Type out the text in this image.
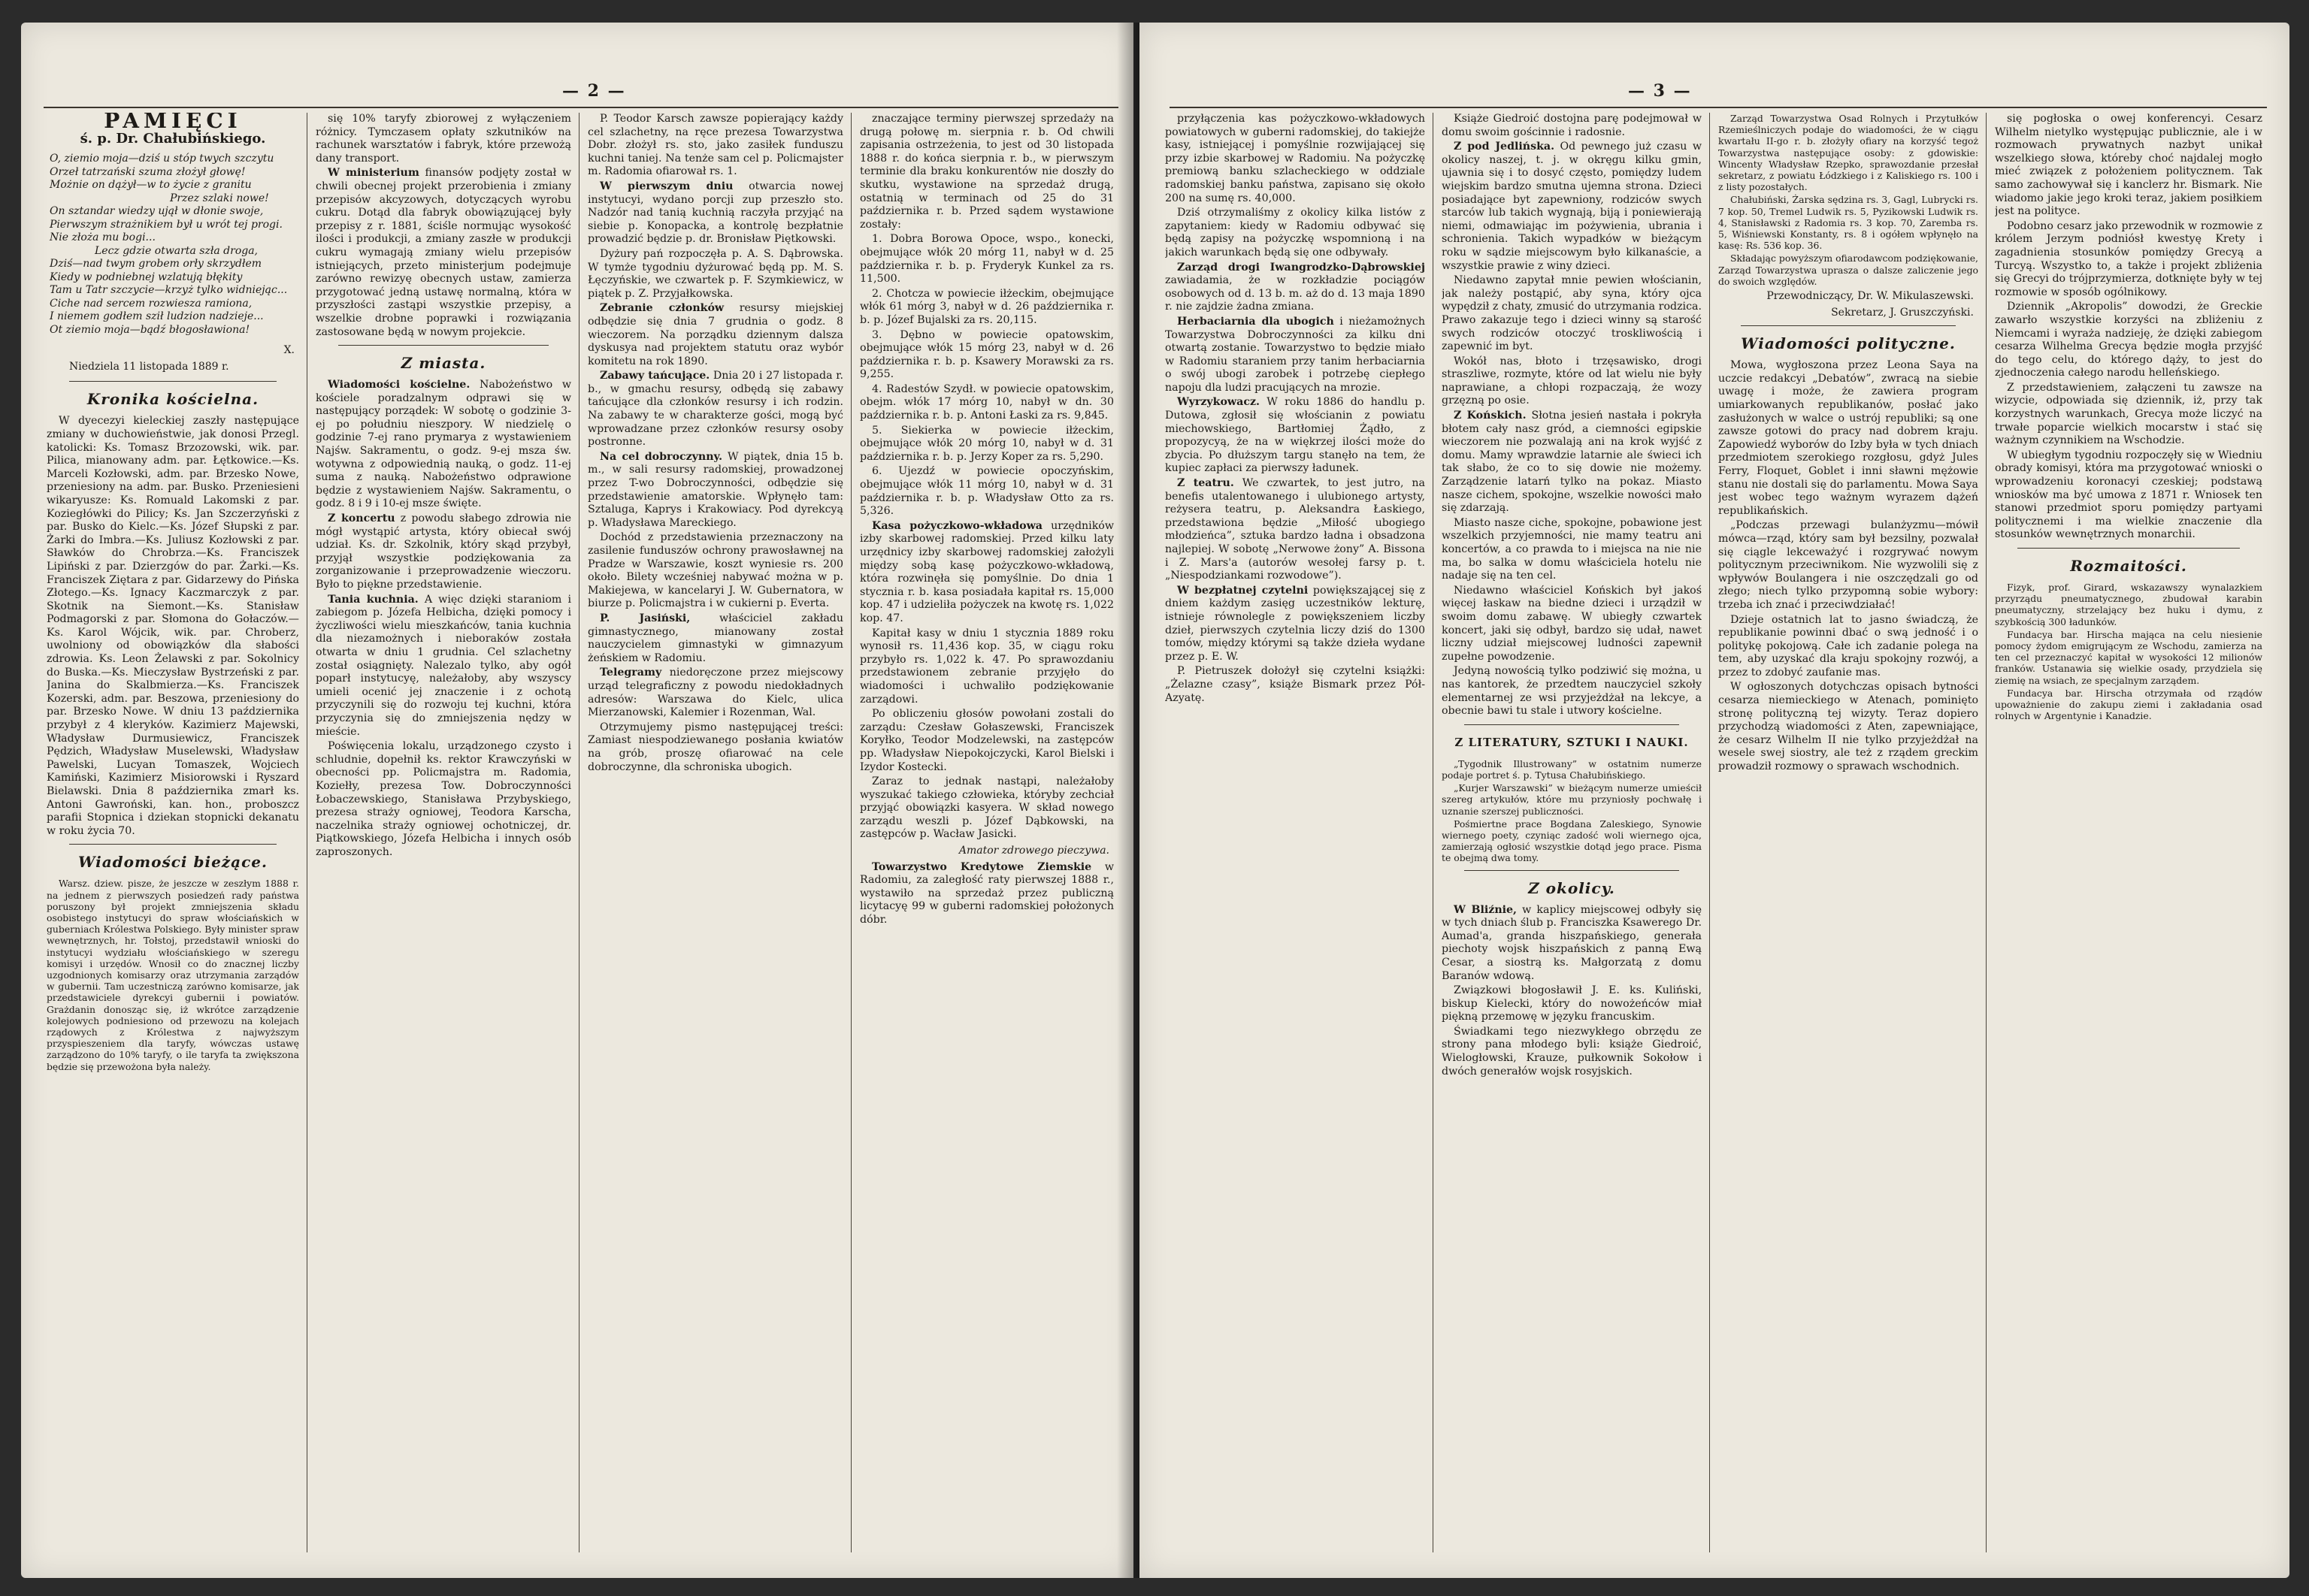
— 2 —
PAMIĘCI
ś. p. Dr. Chałubińskiego.
O, ziemio moja—dziś u stóp twych szczytu
Orzeł tatrzański szuma złożył głowę!
Możnie on dążył—w to życie z granitu
Przez szlaki nowe!
On sztandar wiedzy ujął w dłonie swoje,
Pierwszym strażnikiem był u wrót tej progi.
Nie złoża mu bogi...
Lecz gdzie otwarta szła droga,
Dziś—nad twym grobem orły skrzydłem
Kiedy w podniebnej wzlatują błękity
Tam u Tatr szczycie—krzyż tylko widniejąc...
Ciche nad sercem rozwiesza ramiona,
I niemem godłem sził ludzion nadzieje...
Ot ziemio moja—bądź błogosławiona!
X.
Niedziela 11 listopada 1889 r.
Kronika kościelna.

W dyecezyi kieleckiej zaszły następujące zmiany w duchowieństwie, jak donosi Przegl. katolicki: Ks. Tomasz Brzozowski, wik. par. Pilica, mianowany adm. par. Łętkowice.—Ks. Marceli Kozłowski, adm. par. Brzesko Nowe, przeniesiony na adm. par. Busko. Przeniesieni wikaryusze: Ks. Romuald Lakomski z par. Koziegłówki do Pilicy; Ks. Jan Szczerzyński z par. Busko do Kielc.—Ks. Józef Słupski z par. Żarki do Imbra.—Ks. Juliusz Kozłowski z par. Sławków do Chrobrza.—Ks. Franciszek Lipiński z par. Dzierzgów do par. Żarki.—Ks. Franciszek Ziętara z par. Gidarzewy do Pińska Złotego.—Ks. Ignacy Kaczmarczyk z par. Skotnik na Siemont.—Ks. Stanisław Podmagorski z par. Słomona do Gołaczów.—Ks. Karol Wójcik, wik. par. Chroberz, uwolniony od obowiązków dla słabości zdrowia. Ks. Leon Żelawski z par. Sokolnicy do Buska.—Ks. Mieczysław Bystrzeński z par. Janina do Skalbmierza.—Ks. Franciszek Kozerski, adm. par. Beszowa, przeniesiony do par. Brzesko Nowe. W dniu 13 października przybył z 4 kleryków. Kazimierz Majewski, Władysław Durmusiewicz, Franciszek Pędzich, Władysław Muselewski, Władysław Pawelski, Lucyan Tomaszek, Wojciech Kamiński, Kazimierz Misiorowski i Ryszard Bielawski. Dnia 8 października zmarł ks. Antoni Gawroński, kan. hon., proboszcz parafii Stopnica i dziekan stopnicki dekanatu w roku życia 70.

Wiadomości bieżące.

Warsz. dziew. pisze, że jeszcze w zeszłym 1888 r. na jednem z pierwszych posiedzeń rady państwa poruszony był projekt zmniejszenia składu osobistego instytucyi do spraw włościańskich w guberniach Królestwa Polskiego. Były minister spraw wewnętrznych, hr. Tołstoj, przedstawił wnioski do instytucyi wydziału włościańskiego w szeregu komisyi i urzędów. Wnosił co do znacznej liczby uzgodnionych komisarzy oraz utrzymania zarządów w gubernii. Tam uczestniczą zarówno komisarze, jak przedstawiciele dyrekcyi gubernii i powiatów. Grażdanin donosząc się, iż wkrótce zarządzenie kolejowych podniesiono od przewozu na kolejach rządowych z Królestwa z najwyższym przyspieszeniem dla taryfy, wówczas ustawę zarządzono do 10% taryfy, o ile taryfa ta zwiększona będzie się przewożona była należy.

się 10% taryfy zbiorowej z wyłączeniem różnicy. Tymczasem opłaty szkutników na rachunek warsztatów i fabryk, które przewożą dany transport.

W ministerium finansów podjęty został w chwili obecnej projekt przerobienia i zmiany przepisów akcyzowych, dotyczących wyrobu cukru. Dotąd dla fabryk obowiązującej były przepisy z r. 1881, ściśle normując wysokość ilości i produkcji, a zmiany zaszłe w produkcji cukru wymagają zmiany wielu przepisów istniejących, przeto ministerjum podejmuje zarówno rewizyę obecnych ustaw, zamierza przygotować jedną ustawę normalną, która w przyszłości zastąpi wszystkie przepisy, a wszelkie drobne poprawki i rozwiązania zastosowane będą w nowym projekcie.

Z miasta.

Wiadomości kościelne. Nabożeństwo w kościele poradzalnym odprawi się w następujący porządek: W sobotę o godzinie 3-ej po południu nieszpory. W niedzielę o godzinie 7-ej rano prymarya z wystawieniem Najśw. Sakramentu, o godz. 9-ej msza św. wotywna z odpowiednią nauką, o godz. 11-ej suma z nauką. Nabożeństwo odprawione będzie z wystawieniem Najśw. Sakramentu, o godz. 8 i 9 i 10-ej msze święte.

Z koncertu z powodu słabego zdrowia nie mógł wystąpić artysta, który obiecał swój udział. Ks. dr. Szkolnik, który skąd przybył, przyjął wszystkie podziękowania za zorganizowanie i przeprowadzenie wieczoru. Było to piękne przedstawienie.

Tania kuchnia. A więc dzięki staraniom i zabiegom p. Józefa Helbicha, dzięki pomocy i życzliwości wielu mieszkańców, tania kuchnia dla niezamożnych i nieboraków została otwarta w dniu 1 grudnia. Cel szlachetny został osiągnięty. Nalezalo tylko, aby ogół poparł instytucyę, należałoby, aby wszyscy umieli ocenić jej znaczenie i z ochotą przyczynili się do rozwoju tej kuchni, która przyczynia się do zmniejszenia nędzy w mieście.

Poświęcenia lokalu, urządzonego czysto i schludnie, dopełnił ks. rektor Krawczyński w obecności pp. Policmajstra m. Radomia, Koziełły, prezesa Tow. Dobroczynności Łobaczewskiego, Stanisława Przybyskiego, prezesa straży ogniowej, Teodora Karscha, naczelnika straży ogniowej ochotniczej, dr. Piątkowskiego, Józefa Helbicha i innych osób zaproszonych.

P. Teodor Karsch zawsze popierający każdy cel szlachetny, na ręce prezesa Towarzystwa Dobr. złożył rs. sto, jako zasiłek funduszu kuchni taniej. Na tenże sam cel p. Policmajster m. Radomia ofiarował rs. 1.

W pierwszym dniu otwarcia nowej instytucyi, wydano porcji zup przeszło sto. Nadzór nad tanią kuchnią raczyła przyjąć na siebie p. Konopacka, a kontrolę bezpłatnie prowadzić będzie p. dr. Bronisław Piętkowski.

Dyżury pań rozpoczęła p. A. S. Dąbrowska. W tymże tygodniu dyżurować będą pp. M. S. Łęczyńskie, we czwartek p. F. Szymkiewicz, w piątek p. Z. Przyjałkowska.

Zebranie członków resursy miejskiej odbędzie się dnia 7 grudnia o godz. 8 wieczorem. Na porządku dziennym dalsza dyskusya nad projektem statutu oraz wybór komitetu na rok 1890.

Zabawy tańcujące. Dnia 20 i 27 listopada r. b., w gmachu resursy, odbędą się zabawy tańcujące dla członków resursy i ich rodzin. Na zabawy te w charakterze gości, mogą być wprowadzane przez członków resursy osoby postronne.

Na cel dobroczynny. W piątek, dnia 15 b. m., w sali resursy radomskiej, prowadzonej przez T-wo Dobroczynności, odbędzie się przedstawienie amatorskie. Wpłynęło tam: Sztaluga, Kaprys i Krakowiacy. Pod dyrekcyą p. Władysława Mareckiego.

Dochód z przedstawienia przeznaczony na zasilenie funduszów ochrony prawosławnej na Pradze w Warszawie, koszt wyniesie rs. 200 około. Bilety wcześniej nabywać można w p. Makiejewa, w kancelaryi J. W. Gubernatora, w biurze p. Policmajstra i w cukierni p. Everta.

P. Jasiński,	właściciel zakładu gimnastycznego, mianowany został nauczycielem gimnastyki w gimnazyum żeńskiem w Radomiu.

Telegramy niedoręczone przez miejscowy urząd telegraficzny z powodu niedokładnych adresów: Warszawa do Kielc, ulica Mierzanowski, Kalemier i Rozenman, Wal.

Otrzymujemy pismo następującej treści: Zamiast niespodziewanego posłania kwiatów na grób, proszę ofiarować na cele dobroczynne, dla schroniska ubogich.

znaczające terminy pierwszej sprzedaży na drugą połowę m. sierpnia r. b. Od chwili zapisania ostrzeżenia, to jest od 30 listopada 1888 r. do końca sierpnia r. b., w pierwszym terminie dla braku konkurentów nie doszły do skutku, wystawione na sprzedaż drugą, ostatnią w terminach od 25 do 31 października r. b. Przed sądem wystawione zostały:

1. Dobra Borowa Opoce, wspo., konecki, obejmujące włók 20 mórg 11, nabył w d. 25 października r. b. p. Fryderyk Kunkel za rs. 11,500.

2. Chotcza w powiecie iłżeckim, obejmujące włók 61 mórg 3, nabył w d. 26 października r. b. p. Józef Bujalski za rs. 20,115.

3. Dębno w powiecie opatowskim, obejmujące włók 15 mórg 23, nabył w d. 26 października r. b. p. Ksawery Morawski za rs. 9,255.

4. Radestów Szydł. w powiecie opatowskim, obejm. włók 17 mórg 10, nabył w dn. 30 października r. b. p. Antoni Łaski za rs. 9,845.

5. Siekierka w powiecie iłżeckim, obejmujące włók 20 mórg 10, nabył w d. 31 października r. b. p. Jerzy Koper za rs. 5,290.

6. Ujezdź w powiecie opoczyńskim, obejmujące włók 11 mórg 10, nabył w d. 31 października r. b. p. Władysław Otto za rs. 5,326.

Kasa pożyczkowo-wkładowa urzędników izby skarbowej radomskiej. Przed kilku laty urzędnicy izby skarbowej radomskiej założyli między sobą kasę pożyczkowo-wkładową, która rozwinęła się pomyślnie. Do dnia 1 stycznia r. b. kasa posiadała kapitał rs. 15,000 kop. 47 i udzieliła pożyczek na kwotę rs. 1,022 kop. 47.

Kapitał kasy w dniu 1 stycznia 1889 roku wynosił rs. 11,436 kop. 35, w ciągu roku przybyło rs. 1,022 k. 47. Po sprawozdaniu przedstawionem zebranie przyjęło do wiadomości i uchwaliło podziękowanie zarządowi.

Po obliczeniu głosów powołani zostali do zarządu: Czesław Gołaszewski, Franciszek Koryłko, Teodor Modzelewski, na zastępców pp. Władysław Niepokojczycki, Karol Bielski i Izydor Kostecki.

Zaraz to jednak nastąpi, należałoby wyszukać takiego człowieka, któryby zechciał przyjąć obowiązki kasyera. W skład nowego zarządu weszli p. Józef Dąbkowski, na zastępców p. Wacław Jasicki.

Amator zdrowego pieczywa.

Towarzystwo Kredytowe Ziemskie w Radomiu, za zaległość raty pierwszej 1888 r., wystawiło na sprzedaż przez publiczną licytacyę 99 w guberni radomskiej położonych dóbr.

— 3 —

przyłączenia kas pożyczkowo-wkładowych powiatowych w guberni radomskiej, do takiejże kasy, istniejącej i pomyślnie rozwijającej się przy izbie skarbowej w Radomiu. Na pożyczkę premiową banku szlacheckiego w oddziale radomskiej banku państwa, zapisano się około 200 na sumę rs. 40,000.

Dziś otrzymaliśmy z okolicy kilka listów z zapytaniem: kiedy w Radomiu odbywać się będą zapisy na pożyczkę wspomnioną i na jakich warunkach będą się one odbywały.

Zarząd drogi Iwangrodzko-Dąbrowskiej zawiadamia, że w rozkładzie pociągów osobowych od d. 13 b. m. aż do d. 13 maja 1890 r. nie zajdzie żadna zmiana.

Herbaciarnia dla ubogich i nieżamożnych Towarzystwa Dobroczynności za kilku dni otwartą zostanie. Towarzystwo to będzie miało w Radomiu staraniem przy tanim herbaciarnia o swój ubogi zarobek i potrzebę ciepłego napoju dla ludzi pracujących na mrozie.

Wyrzykowacz. W roku 1886 do handlu p. Dutowa, zgłosił się włościanin z powiatu miechowskiego, Bartłomiej Żądło, z propozycyą, że na w więkrzej ilości może do zbycia. Po dłuższym targu stanęło na tem, że kupiec zapłaci za pierwszy ładunek.

Z teatru. We czwartek, to jest jutro, na benefis utalentowanego i ulubionego artysty, reżysera teatru, p. Aleksandra Łaskiego, przedstawiona będzie „Miłość ubogiego młodzieńca”, sztuka bardzo ładna i obsadzona najlepiej. W sobotę „Nerwowe żony” A. Bissona i Z. Mars'a (autorów wesołej farsy p. t. „Niespodziankami rozwodowe”).

W bezpłatnej czytelni powiększającej się z dniem każdym zasięg uczestników lekturę, istnieje równolegle z powiększeniem liczby dzieł, pierwszych czytelnia liczy dziś do 1300 tomów, między którymi są także dzieła wydane przez p. E. W.

P. Pietruszek dołożył się czytelni książki: „Żelazne czasy”, książe Bismark przez Pół-Azyatę.

Książe Giedroić dostojna parę podejmował w domu swoim gościnnie i radosnie.

Z pod Jedlińska. Od pewnego już czasu w okolicy naszej, t. j. w okręgu kilku gmin, ujawnia się i to dosyć często, pomiędzy ludem wiejskim bardzo smutna ujemna strona. Dzieci posiadające byt zapewniony, rodziców swych starców lub takich wygnają, biją i poniewierają niemi, odmawiając im pożywienia, ubrania i schronienia. Takich wypadków w bieżącym roku w sądzie miejscowym było kilkanaście, a wszystkie prawie z winy dzieci.

Niedawno zapytał mnie pewien włościanin, jak należy postąpić, aby syna, który ojca wypędził z chaty, zmusić do utrzymania rodzica. Prawo zakazuje tego i dzieci winny są starość swych rodziców otoczyć troskliwością i zapewnić im byt.

Wokół nas, błoto i trzęsawisko, drogi straszliwe, rozmyte, które od lat wielu nie były naprawiane, a chłopi rozpaczają, że wozy grzęzną po osie.

Z Końskich. Słotna jesień nastała i pokryła błotem cały nasz gród, a ciemności egipskie wieczorem nie pozwalają ani na krok wyjść z domu. Mamy wprawdzie latarnie ale świeci ich tak słabo, że co to się dowie nie możemy. Zarządzenie latarń tylko na pokaz. Miasto nasze cichem, spokojne, wszelkie nowości mało się zdarzają.

Miasto nasze ciche, spokojne, pobawione jest wszelkich przyjemności, nie mamy teatru ani koncertów, a co prawda to i miejsca na nie nie ma, bo salka w domu właściciela hotelu nie nadaje się na ten cel.

Niedawno właściciel Końskich był jakoś więcej łaskaw na biedne dzieci i urządził w swoim domu zabawę. W ubiegły czwartek koncert, jaki się odbył, bardzo się udał, nawet liczny udział miejscowej ludności zapewnił zupełne powodzenie.

Jedyną nowością tylko podziwić się można, u nas kantorek, że przedtem nauczyciel szkoły elementarnej ze wsi przyjeżdżał na lekcye, a obecnie bawi tu stale i utwory kościelne.

Z LITERATURY, SZTUKI I NAUKI.

„Tygodnik Illustrowany” w ostatnim numerze podaje portret ś. p. Tytusa Chałubińskiego.

„Kurjer Warszawski” w bieżącym numerze umieścił szereg artykułów, które mu przyniosły pochwałę i uznanie szerszej publiczności.

Pośmiertne prace Bogdana Zaleskiego, Synowie wiernego poety, czyniąc zadość woli wiernego ojca, zamierzają ogłosić wszystkie dotąd jego prace. Pisma te obejmą dwa tomy.

Z okolicy.

W Bliźnie, w kaplicy miejscowej odbyły się w tych dniach ślub p. Franciszka Ksawerego Dr. Aumad'a, granda hiszpańskiego, generała piechoty wojsk hiszpańskich z panną Ewą Cesar, a siostrą ks. Małgorzatą z domu Baranów wdową.

Związkowi błogosławił J. E. ks. Kuliński, biskup Kielecki, który do nowożeńców miał piękną przemowę w języku francuskim.

Świadkami tego niezwykłego obrzędu ze strony pana młodego byli: książe Giedroić, Wielogłowski, Krauze, pułkownik Sokołow i dwóch generałów wojsk rosyjskich.

Zarząd Towarzystwa Osad Rolnych i Przytułków Rzemieślniczych podaje do wiadomości, że w ciągu kwartału II-go r. b. złożyły ofiary na korzyść tegoż Towarzystwa następujące osoby: z gdowiskie: Wincenty Władysław Rzepko, sprawozdanie przesłał sekretarz, z powiatu Łódzkiego i z Kaliskiego rs. 100 i z listy pozostałych.

Chałubiński, Żarska sędzina rs. 3, Gagl, Lubrycki rs. 7 kop. 50, Tremel Ludwik rs. 5, Pyzikowski Ludwik rs. 4, Stanisławski z Radomia rs. 3 kop. 70, Zaremba rs. 5, Wiśniewski Konstanty, rs. 8 i ogółem wpłynęło na kasę: Rs. 536 kop. 36.

Składając powyższym ofiarodawcom podziękowanie, Zarząd Towarzystwa uprasza o dalsze zaliczenie jego do swoich względów.

Przewodniczący, Dr. W. Mikulaszewski.
Sekretarz, J. Gruszczyński.
Wiadomości polityczne.

Mowa, wygłoszona przez Leona Saya na uczcie redakcyi „Debatów”, zwracą na siebie uwagę i może, że zawiera program umiarkowanych republikanów, posłać jako zasłużonych w walce o ustrój republiki; są one zawsze gotowi do pracy nad dobrem kraju. Zapowiedź wyborów do Izby była w tych dniach przedmiotem szerokiego rozgłosu, gdyż Jules Ferry, Floquet, Goblet i inni sławni mężowie stanu nie dostali się do parlamentu. Mowa Saya jest wobec tego ważnym wyrazem dążeń republikańskich.

„Podczas przewagi bulanżyzmu—mówił mówca—rząd, który sam był bezsilny, pozwalał się ciągle lekceważyć i rozgrywać nowym politycznym przeciwnikom. Nie wyzwolili się z wpływów Boulangera i nie oszczędzali go od złego; niech tylko przypomną sobie wybory: trzeba ich znać i przeciwdziałać!

Dzieje ostatnich lat to jasno świadczą, że republikanie powinni dbać o swą jedność i o politykę pokojową. Całe ich zadanie polega na tem, aby uzyskać dla kraju spokojny rozwój, a przez to zdobyć zaufanie mas.

W ogłoszonych dotychczas opisach bytności cesarza niemieckiego w Atenach, pominięto stronę polityczną tej wizyty. Teraz dopiero przychodzą wiadomości z Aten, zapewniające, że cesarz Wilhelm II nie tylko przyjeżdżał na wesele swej siostry, ale też z rządem greckim prowadził rozmowy o sprawach wschodnich.

się pogłoska o owej konferencyi. Cesarz Wilhelm nietylko występując publicznie, ale i w rozmowach prywatnych nazbyt unikał wszelkiego słowa, któreby choć najdalej mogło mieć związek z położeniem politycznem. Tak samo zachowywał się i kanclerz hr. Bismark. Nie wiadomo jakie jego kroki teraz, jakiem posiłkiem jest na polityce.

Podobno cesarz jako przewodnik w rozmowie z królem Jerzym podniósł kwestyę Krety i zagadnienia stosunków pomiędzy Grecyą a Turcyą. Wszystko to, a także i projekt zbliżenia się Grecyi do trójprzymierza, dotknięte były w tej rozmowie w sposób ogólnikowy.

Dziennik „Akropolis” dowodzi, że Greckie zawarło wszystkie korzyści na zbliżeniu z Niemcami i wyraża nadzieję, że dzięki zabiegom cesarza Wilhelma Grecya będzie mogła przyjść do tego celu, do którego dąży, to jest do zjednoczenia całego narodu helleńskiego.

Z przedstawieniem, załączeni tu zawsze na wizycie, odpowiada się dziennik, iż, przy tak korzystnych warunkach, Grecya może liczyć na trwałe poparcie wielkich mocarstw i stać się ważnym czynnikiem na Wschodzie.

W ubiegłym tygodniu rozpoczęły się w Wiedniu obrady komisyi, która ma przygotować wnioski o wprowadzeniu koronacyi czeskiej; podstawą wniosków ma być umowa z 1871 r. Wniosek ten stanowi przedmiot sporu pomiędzy partyami politycznemi i ma wielkie znaczenie dla stosunków wewnętrznych monarchii.

Rozmaitości.

Fizyk, prof. Girard, wskazawszy wynalazkiem przyrządu pneumatycznego, zbudował karabin pneumatyczny, strzelający bez huku i dymu, z szybkością 300 ładunków.

Fundacya bar. Hirscha mająca na celu niesienie pomocy żydom emigrującym ze Wschodu, zamierza na ten cel przeznaczyć kapitał w wysokości 12 milionów franków. Ustanawia się wielkie osady, przydziela się ziemię na wsiach, ze specjalnym zarządem.

Fundacya bar. Hirscha otrzymała od rządów upoważnienie do zakupu ziemi i zakładania osad rolnych w Argentynie i Kanadzie.
